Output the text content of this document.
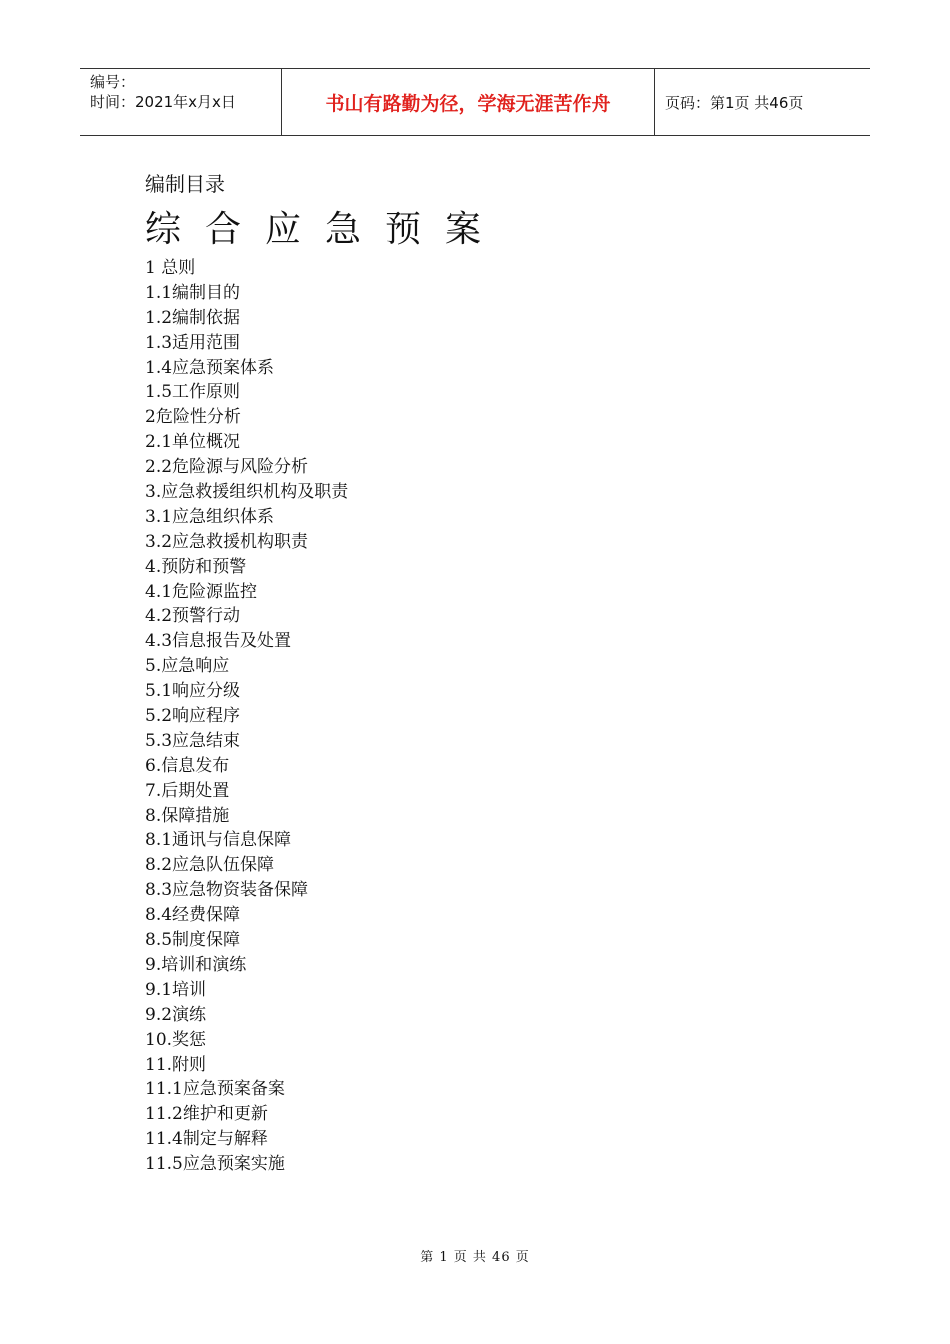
编号：
时间：2021年x月x日	书山有路勤为径，学海无涯苦作舟	页码：第1页 共46页
编制目录
综合应急预案
1 总则
1.1编制目的
1.2编制依据
1.3适用范围
1.4应急预案体系
1.5工作原则
2危险性分析
2.1单位概况
2.2危险源与风险分析
3.应急救援组织机构及职责
3.1应急组织体系
3.2应急救援机构职责
4.预防和预警
4.1危险源监控
4.2预警行动
4.3信息报告及处置
5.应急响应
5.1响应分级
5.2响应程序
5.3应急结束
6.信息发布
7.后期处置
8.保障措施
8.1通讯与信息保障
8.2应急队伍保障
8.3应急物资装备保障
8.4经费保障
8.5制度保障
9.培训和演练
9.1培训
9.2演练
10.奖惩
11.附则
11.1应急预案备案
11.2维护和更新
11.4制定与解释
11.5应急预案实施
第 1 页 共 46 页
